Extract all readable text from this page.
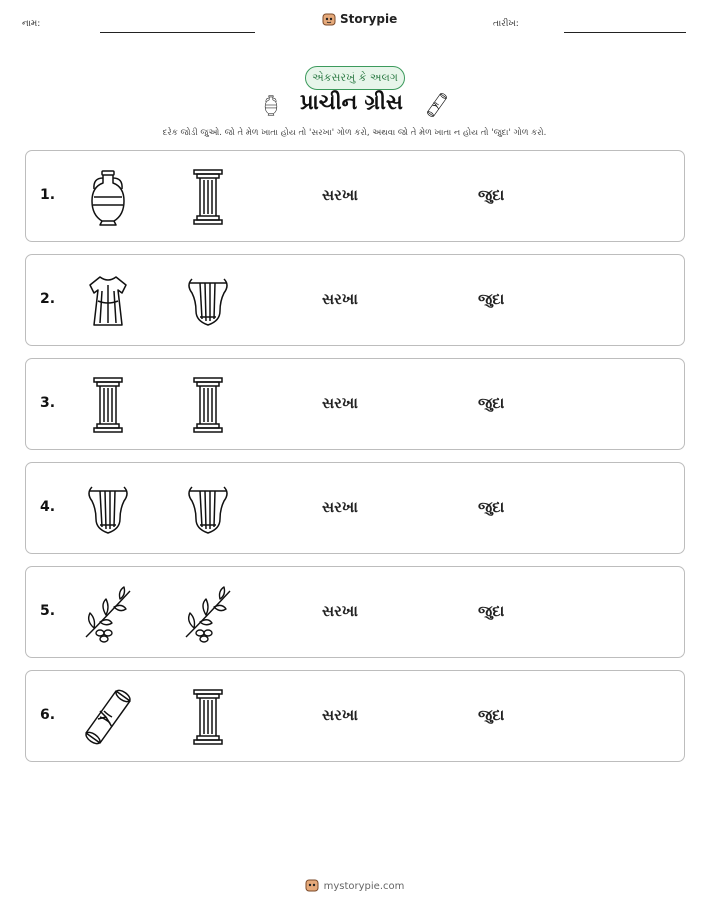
નામ:	Storypie	તારીખ:
એકસરખું કે અલગ
પ્રાચીન ગ્રીસ
દરેક જોડી જુઓ. જો તે મેળ ખાતા હોય તો 'સરખા' ગોળ કરો, અથવા જો તે મેળ ખાતા ન હોય તો 'જુદા' ગોળ કરો.
1.	સરખા	જુદા
2.	સરખા	જુદા
3.	સરખા	જુદા
4.	સરખા	જુદા
5.	સરખા	જુદા
6.	સરખા	જુદા
mystorypie.com
